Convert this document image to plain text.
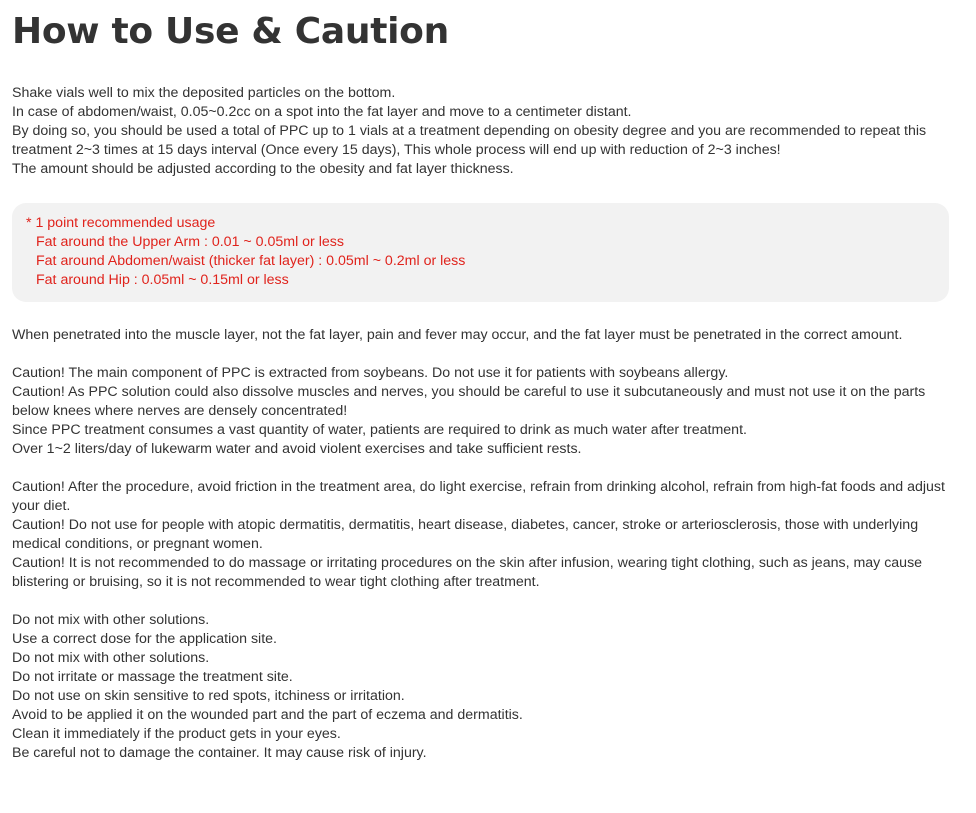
How to Use & Caution

Shake vials well to mix the deposited particles on the bottom.

In case of abdomen/waist, 0.05~0.2cc on a spot into the fat layer and move to a centimeter distant.

By doing so, you should be used a total of PPC up to 1 vials at a treatment depending on obesity degree and you are recommended to repeat this treatment 2~3 times at 15 days interval (Once every 15 days), This whole process will end up with reduction of 2~3 inches!

The amount should be adjusted according to the obesity and fat layer thickness.

* 1 point recommended usage

Fat around the Upper Arm : 0.01 ~ 0.05ml or less

Fat around Abdomen/waist (thicker fat layer) : 0.05ml ~ 0.2ml or less

Fat around Hip : 0.05ml ~ 0.15ml or less

When penetrated into the muscle layer, not the fat layer, pain and fever may occur, and the fat layer must be penetrated in the correct amount.

Caution! The main component of PPC is extracted from soybeans. Do not use it for patients with soybeans allergy.

Caution! As PPC solution could also dissolve muscles and nerves, you should be careful to use it subcutaneously and must not use it on the parts below knees where nerves are densely concentrated!

Since PPC treatment consumes a vast quantity of water, patients are required to drink as much water after treatment.

Over 1~2 liters/day of lukewarm water and avoid violent exercises and take sufficient rests.

Caution! After the procedure, avoid friction in the treatment area, do light exercise, refrain from drinking alcohol, refrain from high-fat foods and adjust your diet.

Caution! Do not use for people with atopic dermatitis, dermatitis, heart disease, diabetes, cancer, stroke or arteriosclerosis, those with underlying medical conditions, or pregnant women.

Caution! It is not recommended to do massage or irritating procedures on the skin after infusion, wearing tight clothing, such as jeans, may cause blistering or bruising, so it is not recommended to wear tight clothing after treatment.

Do not mix with other solutions.

Use a correct dose for the application site.

Do not mix with other solutions.

Do not irritate or massage the treatment site.

Do not use on skin sensitive to red spots, itchiness or irritation.

Avoid to be applied it on the wounded part and the part of eczema and dermatitis.

Clean it immediately if the product gets in your eyes.

Be careful not to damage the container. It may cause risk of injury.
